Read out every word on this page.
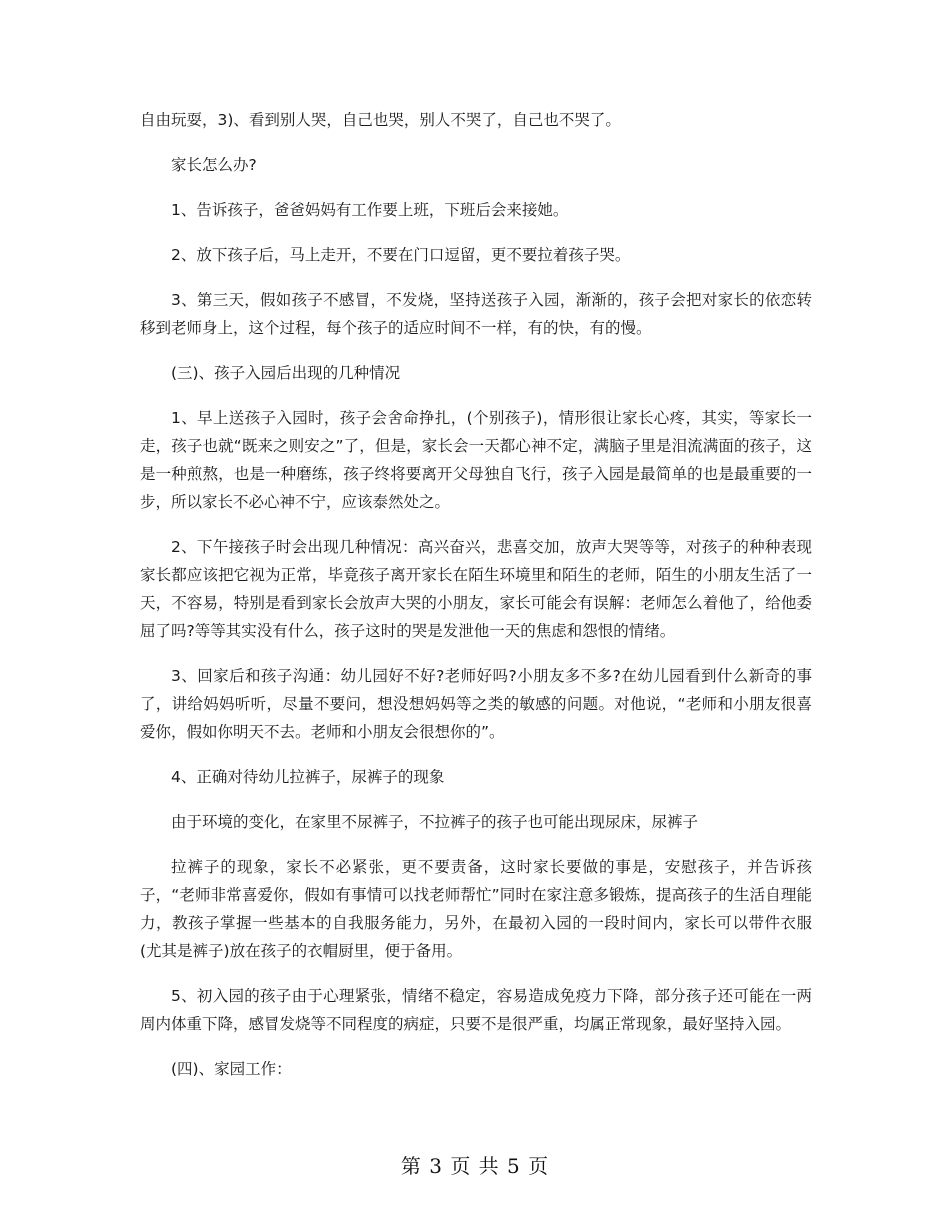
自由玩耍，3)、看到别人哭，自己也哭，别人不哭了，自己也不哭了。

家长怎么办?

1、告诉孩子，爸爸妈妈有工作要上班，下班后会来接她。

2、放下孩子后，马上走开，不要在门口逗留，更不要拉着孩子哭。

3、第三天，假如孩子不感冒，不发烧，坚持送孩子入园，渐渐的，孩子会把对家长的依恋转移到老师身上，这个过程，每个孩子的适应时间不一样，有的快，有的慢。

(三)、孩子入园后出现的几种情况

1、早上送孩子入园时，孩子会舍命挣扎，(个别孩子)，情形很让家长心疼，其实，等家长一走，孩子也就“既来之则安之”了，但是，家长会一天都心神不定，满脑子里是泪流满面的孩子，这是一种煎熬，也是一种磨练，孩子终将要离开父母独自飞行，孩子入园是最简单的也是最重要的一步，所以家长不必心神不宁，应该泰然处之。

2、下午接孩子时会出现几种情况：高兴奋兴，悲喜交加，放声大哭等等，对孩子的种种表现家长都应该把它视为正常，毕竟孩子离开家长在陌生环境里和陌生的老师，陌生的小朋友生活了一天，不容易，特别是看到家长会放声大哭的小朋友，家长可能会有误解：老师怎么着他了，给他委屈了吗?等等其实没有什么，孩子这时的哭是发泄他一天的焦虑和怨恨的情绪。

3、回家后和孩子沟通：幼儿园好不好?老师好吗?小朋友多不多?在幼儿园看到什么新奇的事了，讲给妈妈听听，尽量不要问，想没想妈妈等之类的敏感的问题。对他说，“老师和小朋友很喜爱你，假如你明天不去。老师和小朋友会很想你的”。

4、正确对待幼儿拉裤子，尿裤子的现象

由于环境的变化，在家里不尿裤子，不拉裤子的孩子也可能出现尿床，尿裤子

拉裤子的现象，家长不必紧张，更不要责备，这时家长要做的事是，安慰孩子，并告诉孩子，“老师非常喜爱你，假如有事情可以找老师帮忙”同时在家注意多锻炼，提高孩子的生活自理能力，教孩子掌握一些基本的自我服务能力，另外，在最初入园的一段时间内，家长可以带件衣服(尤其是裤子)放在孩子的衣帽厨里，便于备用。

5、初入园的孩子由于心理紧张，情绪不稳定，容易造成免疫力下降，部分孩子还可能在一两周内体重下降，感冒发烧等不同程度的病症，只要不是很严重，均属正常现象，最好坚持入园。

(四)、家园工作：

第 3 页 共 5 页
